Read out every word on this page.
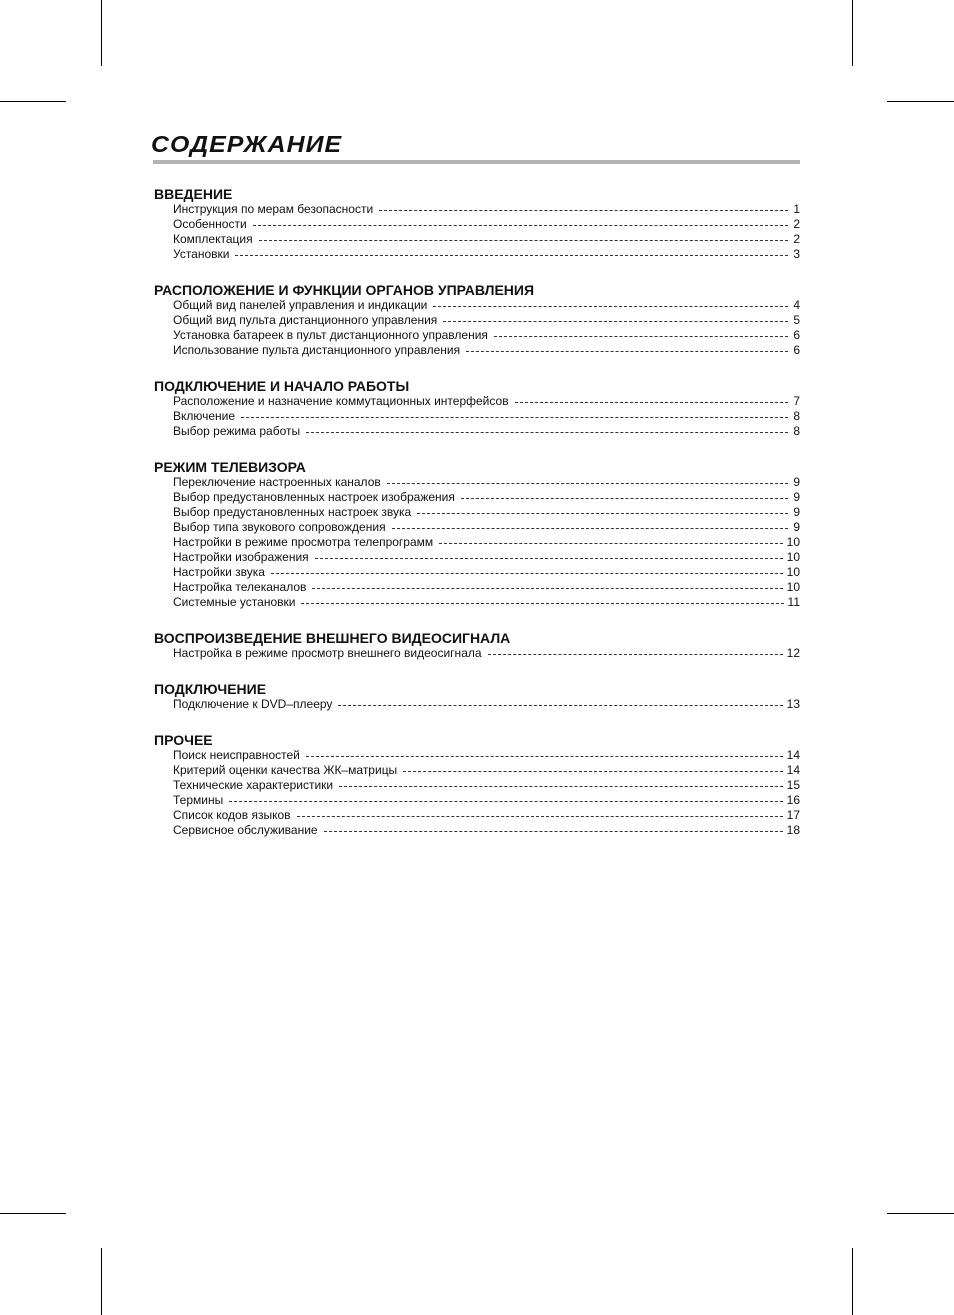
СОДЕРЖАНИЕ
ВВЕДЕНИЕ
Инструкция по мерам безопасности	1
Особенности	2
Комплектация	2
Установки	3
РАСПОЛОЖЕНИЕ И ФУНКЦИИ ОРГАНОВ УПРАВЛЕНИЯ
Общий вид панелей управления и индикации	4
Общий вид пульта дистанционного управления	5
Установка батареек в пульт дистанционного управления	6
Использование пульта дистанционного управления	6
ПОДКЛЮЧЕНИЕ И НАЧАЛО РАБОТЫ
Расположение и назначение коммутационных интерфейсов	7
Включение	8
Выбор режима работы	8
РЕЖИМ ТЕЛЕВИЗОРА
Переключение настроенных каналов	9
Выбор предустановленных настроек изображения	9
Выбор предустановленных настроек звука	9
Выбор типа звукового сопровождения	9
Настройки в режиме просмотра телепрограмм	10
Настройки изображения	10
Настройки звука	10
Настройка телеканалов	10
Системные установки	11
ВОСПРОИЗВЕДЕНИЕ ВНЕШНЕГО ВИДЕОСИГНАЛА
Настройка в режиме просмотр внешнего видеосигнала	12
ПОДКЛЮЧЕНИЕ
Подключение к DVD–плееру	13
ПРОЧЕЕ
Поиск неисправностей	14
Критерий оценки качества ЖК–матрицы	14
Технические характеристики	15
Термины	16
Список кодов языков	17
Сервисное обслуживание	18
